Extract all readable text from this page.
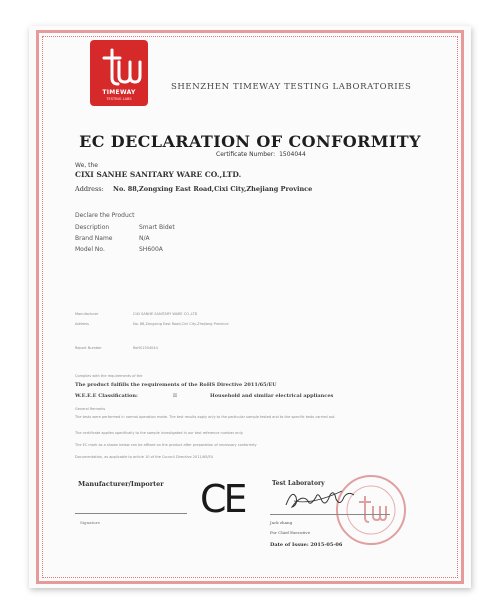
TIMEWAY
TESTING LABS
SHENZHEN TIMEWAY TESTING LABORATORIES
EC DECLARATION OF CONFORMITY
Certificate Number: 1504044
We, the
CIXI SANHE SANITARY WARE CO.,LTD.
Address: No. 88,Zongxing East Road,Cixi City,Zhejiang Province
Declare the Product
Description	Smart Bidet
Brand Name	N/A
Model No.	SH600A
Manufacturer	CIXI SANHE SANITARY WARE CO.,LTD
Address	No. 88,Zongxing East Road,Cixi City,Zhejiang Province
Report Number	RoHS1504044
Complies with the requirements of the
The product fulfills the requirements of the RoHS Directive 2011/65/EU
W.E.E.E Classification:	II	Household and similar electrical appliances
General Remarks
The tests were performed in normal operation mode. The test results apply only to the particular sample tested and to the specific tests carried out.
The certificate applies specifically to the sample investigated in our test reference number only.
The EC mark as a shown below can be affixed on the product after preparation of necessary conformity
Documentation, as applicable to article 10 of the Council Directive 2011/65/EU
Manufacturer/Importer
Signature
CE	Test Laboratory
Jack zhang
For Chief Executive
Date of Issue: 2015-05-06
